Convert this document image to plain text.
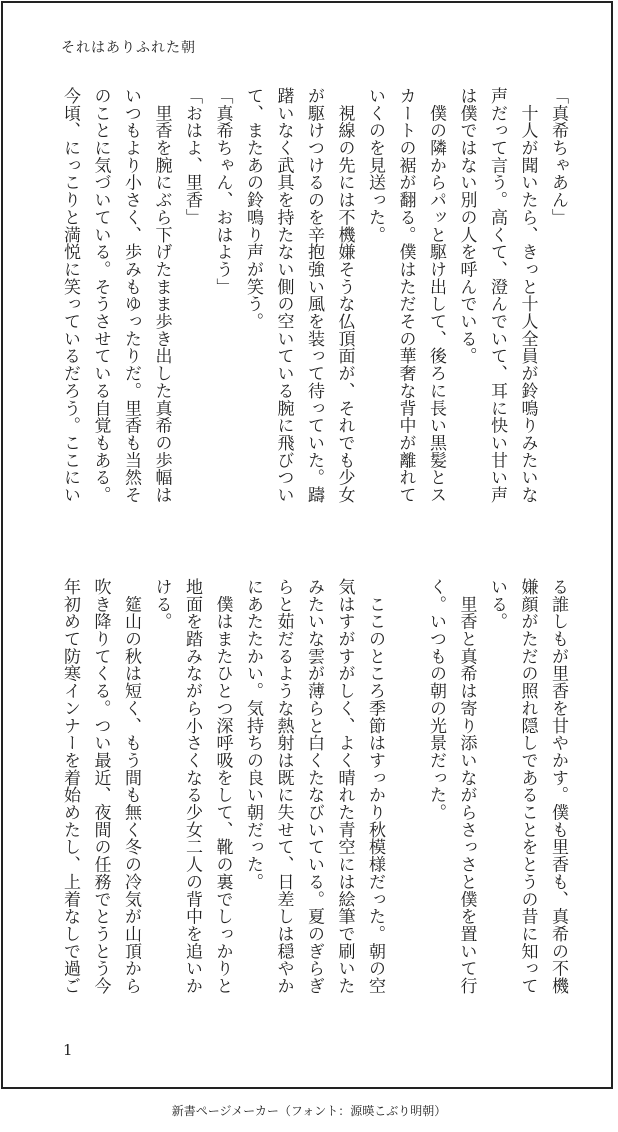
それはありふれた朝
「真希ちゃあん」
　十人が聞いたら、きっと十人全員が鈴鳴りみたいな
声だって言う。高くて、澄んでいて、耳に快い甘い声
は僕ではない別の人を呼んでいる。
　僕の隣からパッと駆け出して、後ろに長い黒髪とス
カートの裾が翻る。僕はただその華奢な背中が離れて
いくのを見送った。
　視線の先には不機嫌そうな仏頂面が、それでも少女
が駆けつけるのを辛抱強い風を装って待っていた。躊
躇いなく武具を持たない側の空いている腕に飛びつい
て、またあの鈴鳴り声が笑う。
「真希ちゃん、おはよう」
「おはよ、里香」
　里香を腕にぶら下げたまま歩き出した真希の歩幅は
いつもより小さく、歩みもゆったりだ。里香も当然そ
のことに気づいている。そうさせている自覚もある。
今頃、にっこりと満悦に笑っているだろう。ここにい
る誰しもが里香を甘やかす。僕も里香も、真希の不機
嫌顔がただの照れ隠しであることをとうの昔に知って
いる。
　里香と真希は寄り添いながらさっさと僕を置いて行
く。いつもの朝の光景だった。

　ここのところ季節はすっかり秋模様だった。朝の空
気はすがすがしく、よく晴れた青空には絵筆で刷いた
みたいな雲が薄らと白くたなびいている。夏のぎらぎ
らと茹だるような熱射は既に失せて、日差しは穏やか
にあたたかい。気持ちの良い朝だった。
　僕はまたひとつ深呼吸をして、靴の裏でしっかりと
地面を踏みながら小さくなる少女二人の背中を追いか
ける。
　筵山の秋は短く、もう間も無く冬の冷気が山頂から
吹き降りてくる。つい最近、夜間の任務でとうとう今
年初めて防寒インナーを着始めたし、上着なしで過ご
1
新書ページメーカー（フォント：源暎こぶり明朝）
